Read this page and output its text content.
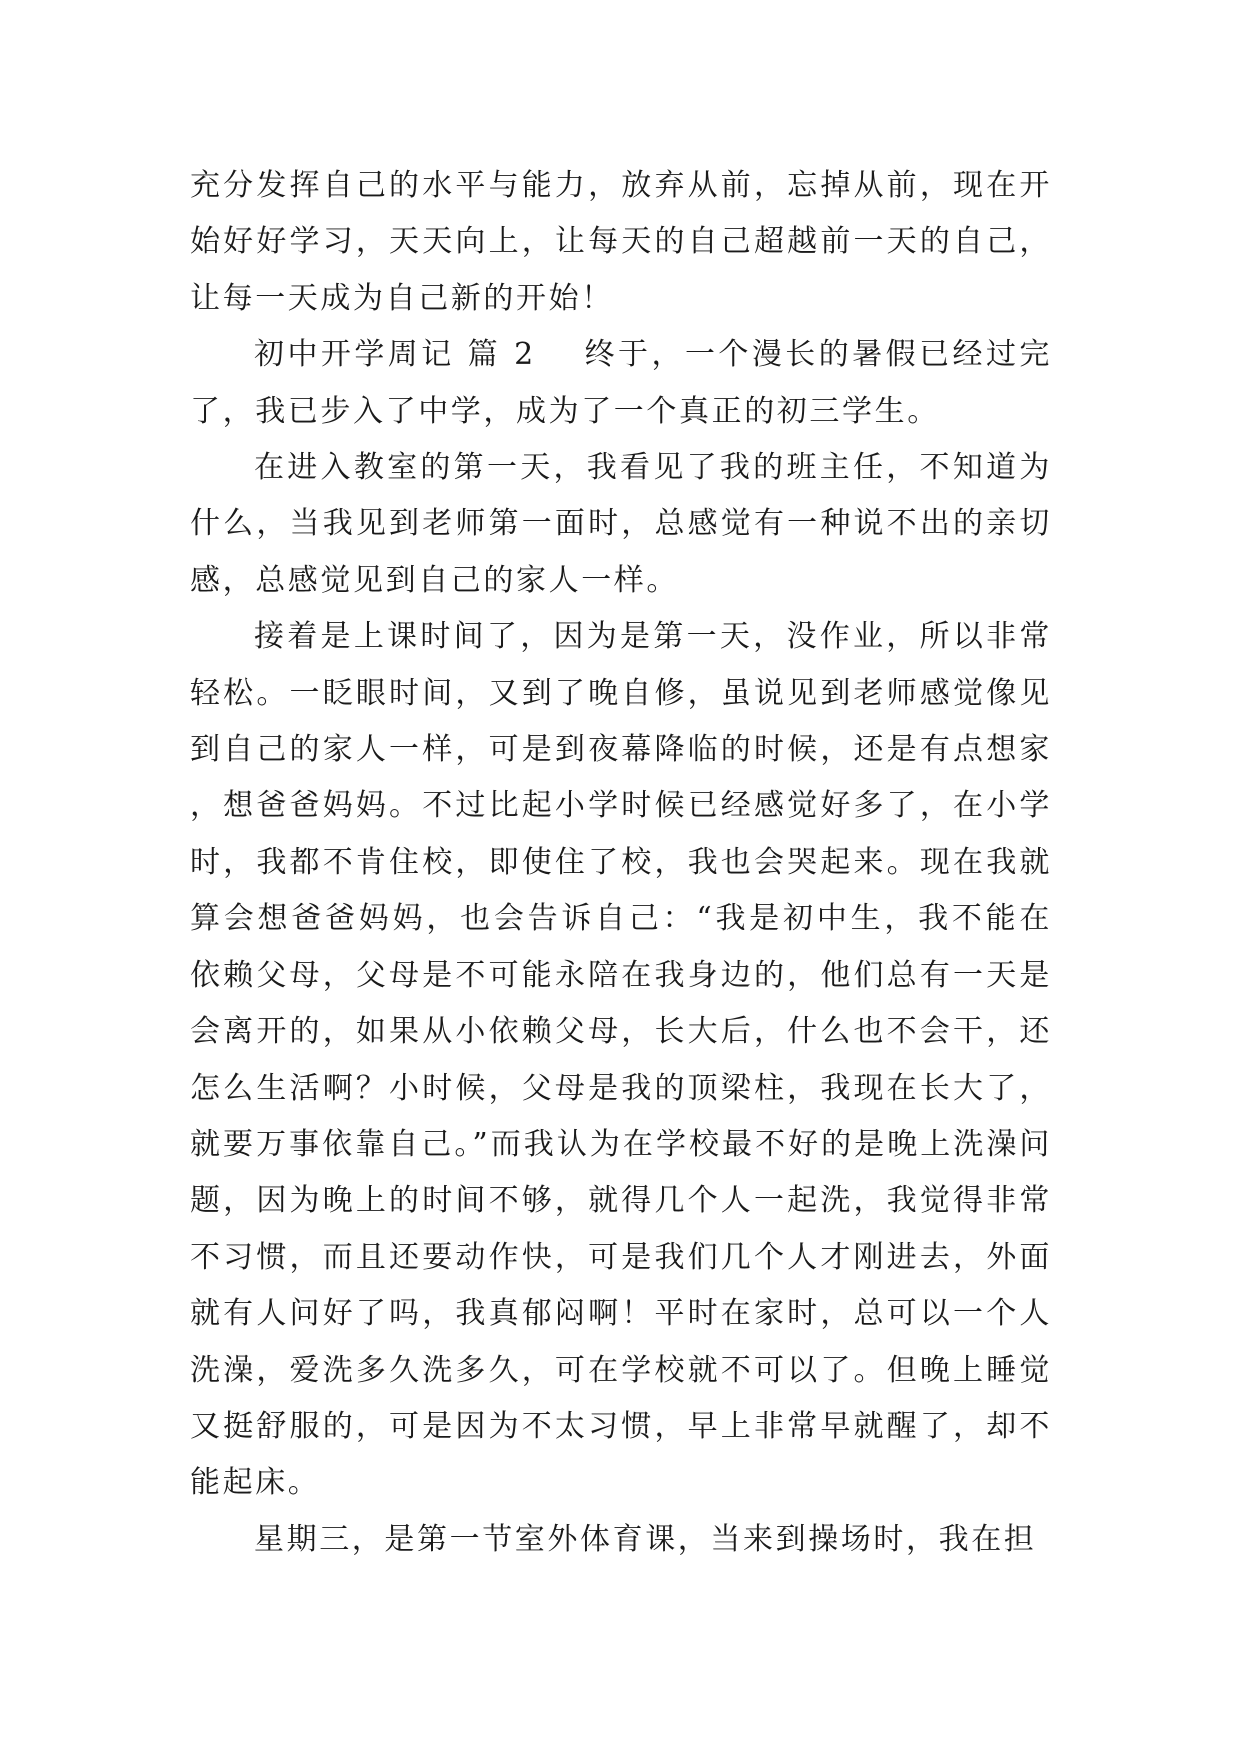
充分发挥自己的水平与能力，放弃从前，忘掉从前，现在开始好好学习，天天向上，让每天的自己超越前一天的自己，让每一天成为自己新的开始！

初中开学周记 篇 2 终于，一个漫长的暑假已经过完了，我已步入了中学，成为了一个真正的初三学生。

在进入教室的第一天，我看见了我的班主任，不知道为什么，当我见到老师第一面时，总感觉有一种说不出的亲切感，总感觉见到自己的家人一样。

接着是上课时间了，因为是第一天，没作业，所以非常轻松。一眨眼时间，又到了晚自修，虽说见到老师感觉像见到自己的家人一样，可是到夜幕降临的时候，还是有点想家，想爸爸妈妈。不过比起小学时候已经感觉好多了，在小学时，我都不肯住校，即使住了校，我也会哭起来。现在我就算会想爸爸妈妈，也会告诉自己：“我是初中生，我不能在依赖父母，父母是不可能永陪在我身边的，他们总有一天是会离开的，如果从小依赖父母，长大后，什么也不会干，还怎么生活啊？小时候，父母是我的顶梁柱，我现在长大了，就要万事依靠自己。”而我认为在学校最不好的是晚上洗澡问题，因为晚上的时间不够，就得几个人一起洗，我觉得非常不习惯，而且还要动作快，可是我们几个人才刚进去，外面就有人问好了吗，我真郁闷啊！平时在家时，总可以一个人洗澡，爱洗多久洗多久，可在学校就不可以了。但晚上睡觉又挺舒服的，可是因为不太习惯，早上非常早就醒了，却不能起床。

星期三，是第一节室外体育课，当来到操场时，我在担
